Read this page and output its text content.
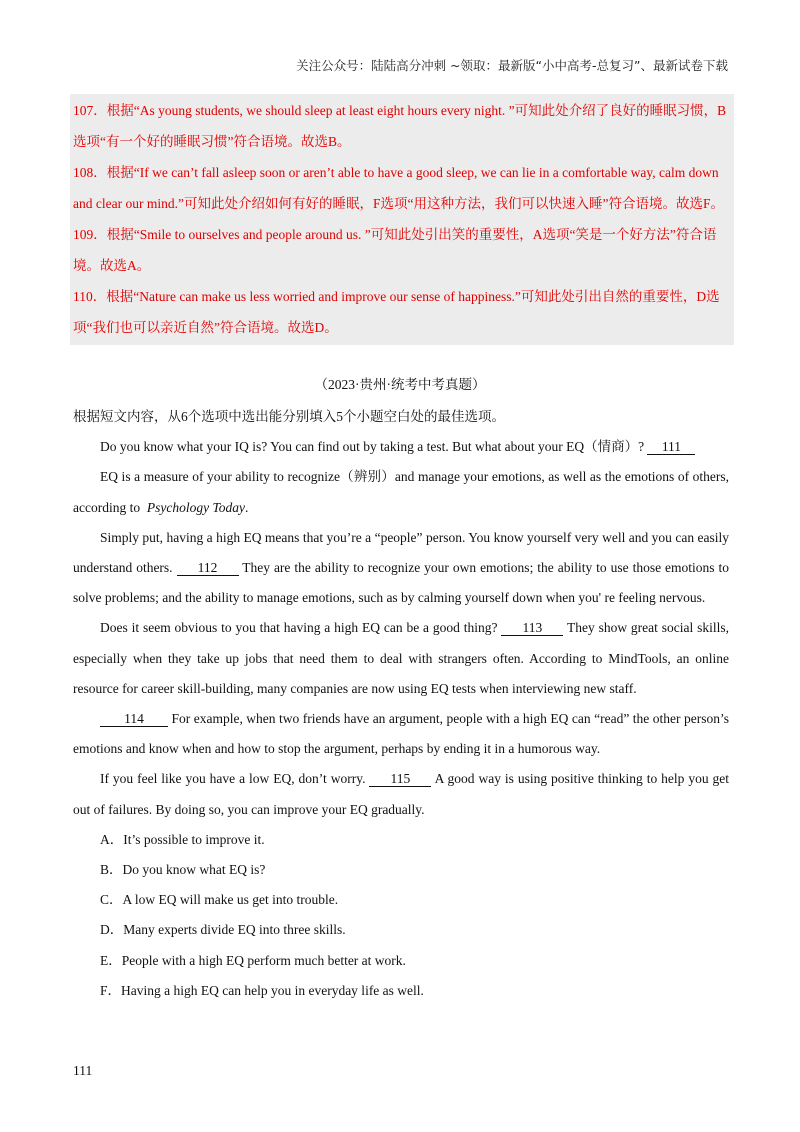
关注公众号：陆陆高分冲刺 ~领取：最新版“小中高考-总复习”、最新试卷下载

107．根据“As young students, we should sleep at least eight hours every night. ”可知此处介绍了良好的睡眠习惯，B选项“有一个好的睡眠习惯”符合语境。故选B。

108．根据“If we can’t fall asleep soon or aren’t able to have a good sleep, we can lie in a comfortable way, calm down and clear our mind.”可知此处介绍如何有好的睡眠，F选项“用这种方法，我们可以快速入睡”符合语境。故选F。

109．根据“Smile to ourselves and people around us. ”可知此处引出笑的重要性，A选项“笑是一个好方法”符合语境。故选A。

110．根据“Nature can make us less worried and improve our sense of happiness.”可知此处引出自然的重要性，D选项“我们也可以亲近自然”符合语境。故选D。

（2023·贵州·统考中考真题）

根据短文内容，从6个选项中选出能分别填入5个小题空白处的最佳选项。

Do you know what your IQ is? You can find out by taking a test. But what about your EQ（情商）? 111

EQ is a measure of your ability to recognize（辨别）and manage your emotions, as well as the emotions of others, according to Psychology Today.

Simply put, having a high EQ means that you’re a “people” person. You know yourself very well and you can easily understand others. 112 They are the ability to recognize your own emotions; the ability to use those emotions to solve problems; and the ability to manage emotions, such as by calming yourself down when you' re feeling nervous.

Does it seem obvious to you that having a high EQ can be a good thing? 113 They show great social skills, especially when they take up jobs that need them to deal with strangers often. According to MindTools, an online resource for career skill-building, many companies are now using EQ tests when interviewing new staff.

114 For example, when two friends have an argument, people with a high EQ can “read” the other person’s emotions and know when and how to stop the argument, perhaps by ending it in a humorous way.

If you feel like you have a low EQ, don’t worry. 115 A good way is using positive thinking to help you get out of failures. By doing so, you can improve your EQ gradually.

A．It’s possible to improve it.

B．Do you know what EQ is?

C．A low EQ will make us get into trouble.

D．Many experts divide EQ into three skills.

E．People with a high EQ perform much better at work.

F．Having a high EQ can help you in everyday life as well.

111
